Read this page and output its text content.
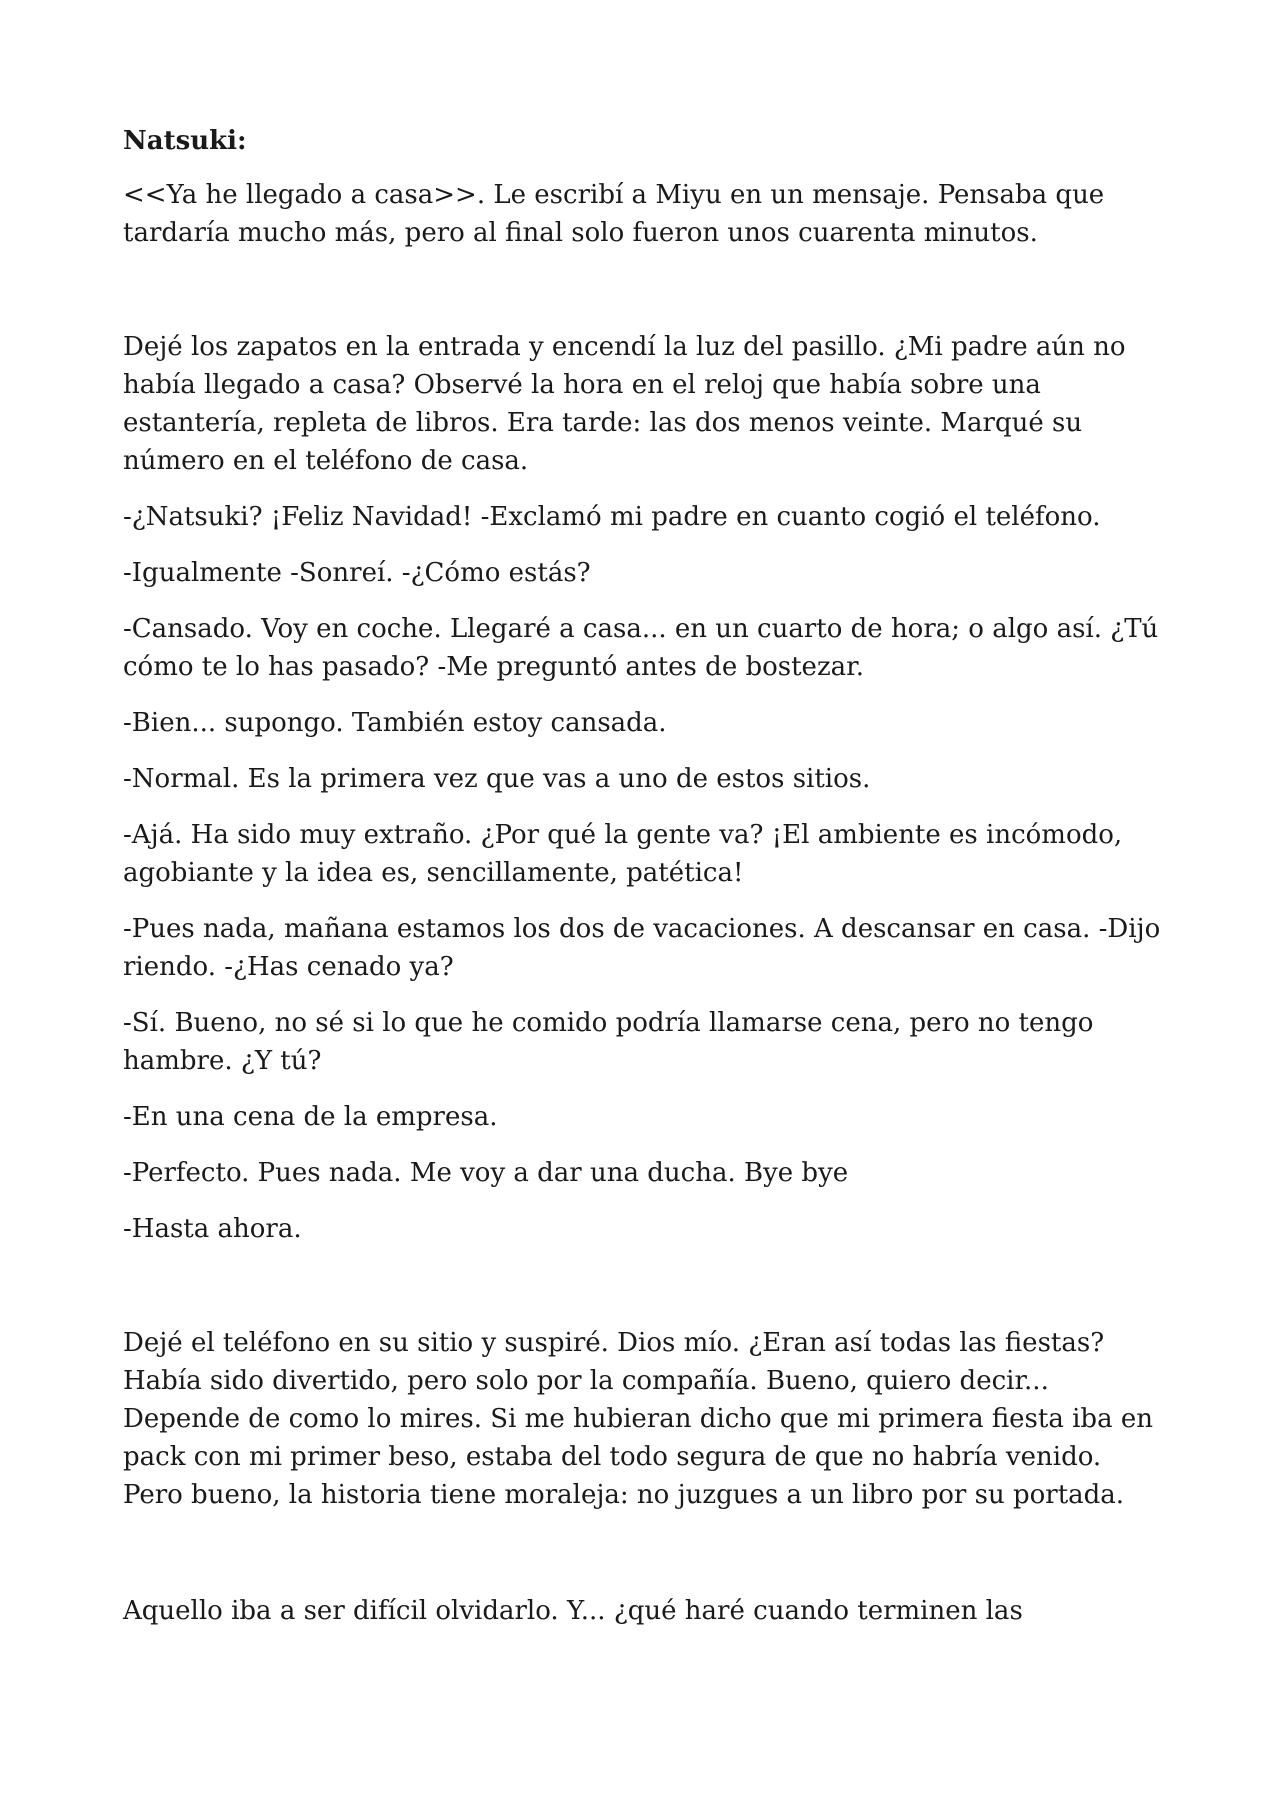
Natsuki:

<<Ya he llegado a casa>>. Le escribí a Miyu en un mensaje. Pensaba que tardaría mucho más, pero al final solo fueron unos cuarenta minutos.

Dejé los zapatos en la entrada y encendí la luz del pasillo. ¿Mi padre aún no había llegado a casa? Observé la hora en el reloj que había sobre una estantería, repleta de libros. Era tarde: las dos menos veinte. Marqué su número en el teléfono de casa.

-¿Natsuki? ¡Feliz Navidad! -Exclamó mi padre en cuanto cogió el teléfono.

-Igualmente -Sonreí. -¿Cómo estás?

-Cansado. Voy en coche. Llegaré a casa... en un cuarto de hora; o algo así. ¿Tú cómo te lo has pasado? -Me preguntó antes de bostezar.

-Bien... supongo. También estoy cansada.

-Normal. Es la primera vez que vas a uno de estos sitios.

-Ajá. Ha sido muy extraño. ¿Por qué la gente va? ¡El ambiente es incómodo, agobiante y la idea es, sencillamente, patética!

-Pues nada, mañana estamos los dos de vacaciones. A descansar en casa. -Dijo riendo. -¿Has cenado ya?

-Sí. Bueno, no sé si lo que he comido podría llamarse cena, pero no tengo hambre. ¿Y tú?

-En una cena de la empresa.

-Perfecto. Pues nada. Me voy a dar una ducha. Bye bye

-Hasta ahora.

Dejé el teléfono en su sitio y suspiré. Dios mío. ¿Eran así todas las fiestas? Había sido divertido, pero solo por la compañía. Bueno, quiero decir... Depende de como lo mires. Si me hubieran dicho que mi primera fiesta iba en pack con mi primer beso, estaba del todo segura de que no habría venido. Pero bueno, la historia tiene moraleja: no juzgues a un libro por su portada.

Aquello iba a ser difícil olvidarlo. Y... ¿qué haré cuando terminen las
